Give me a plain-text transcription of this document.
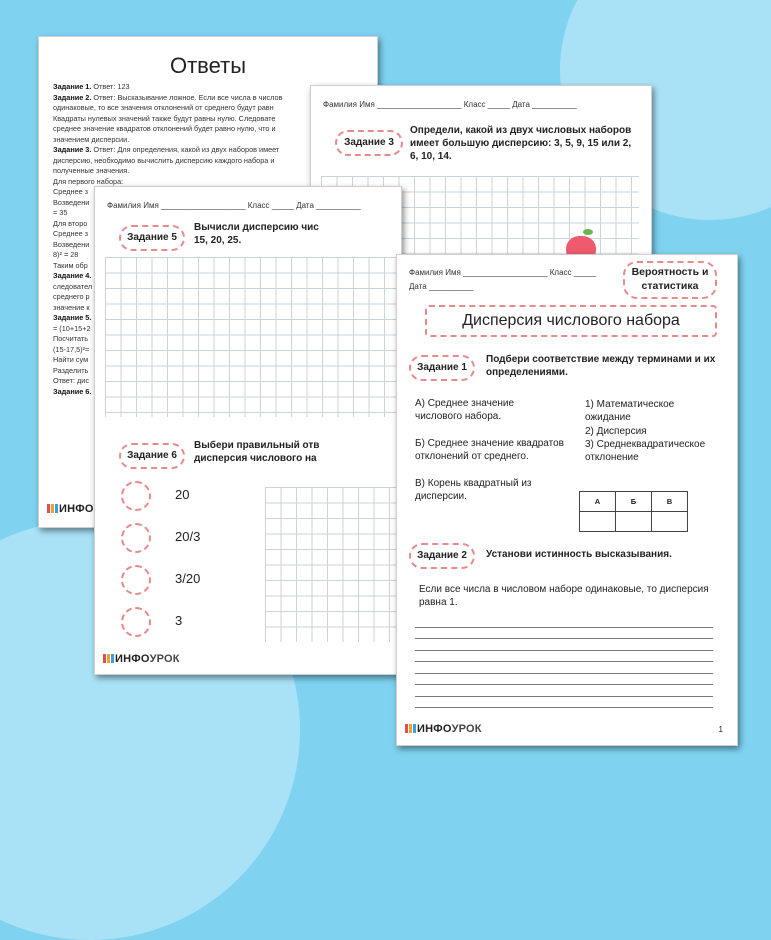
Ответы
Задание 1. Ответ: 123
Задание 2. Ответ: Высказывание ложное. Если все числа в числов
одинаковые, то все значения отклонений от среднего будут равн
Квадраты нулевых значений также будут равны нулю. Следовате
среднее значение квадратов отклонений будет равно нулю, что и
значением дисперсии.
Задание 3. Ответ: Для определения, какой из двух наборов имеет
дисперсию, необходимо вычислить дисперсию каждого набора и
полученные значения.
Для первого набора:
Среднее з
Возведени
= 35
Для второ
Среднее з
Возведени
8)² = 28
Таким обр
Задание 4.
следовател
среднего р
значение к
Задание 5.
= (10+15+2
Посчитать
(15-17,5)²=
Найти сум
Разделить
Ответ: дис
Задание 6.
ИНФО
Фамилия Имя ___________________ Класс _____ Дата __________
Задание 3
Определи, какой из двух числовых наборов имеет большую дисперсию: 3, 5, 9, 15 или 2, 6, 10, 14.
Фамилия Имя ___________________ Класс _____ Дата __________
Задание 5
Вычисли дисперсию чис 15, 20, 25.
Задание 6
Выбери правильный отв дисперсия числового на
20
20/3
3/20
3
ИНФОУРОК
Фамилия Имя ___________________ Класс _____
Дата __________
Вероятность и статистика
Дисперсия числового набора
Задание 1
Подбери соответствие между терминами и их определениями.
А) Среднее значение числового набора.
Б) Среднее значение квадратов отклонений от среднего.
В) Корень квадратный из дисперсии.
1) Математическое ожидание
2) Дисперсия
3) Среднеквадратическое отклонение
А	Б	В

Задание 2	Установи истинность высказывания.
Если все числа в числовом наборе одинаковые, то дисперсия равна 1.
ИНФОУРОК	1
